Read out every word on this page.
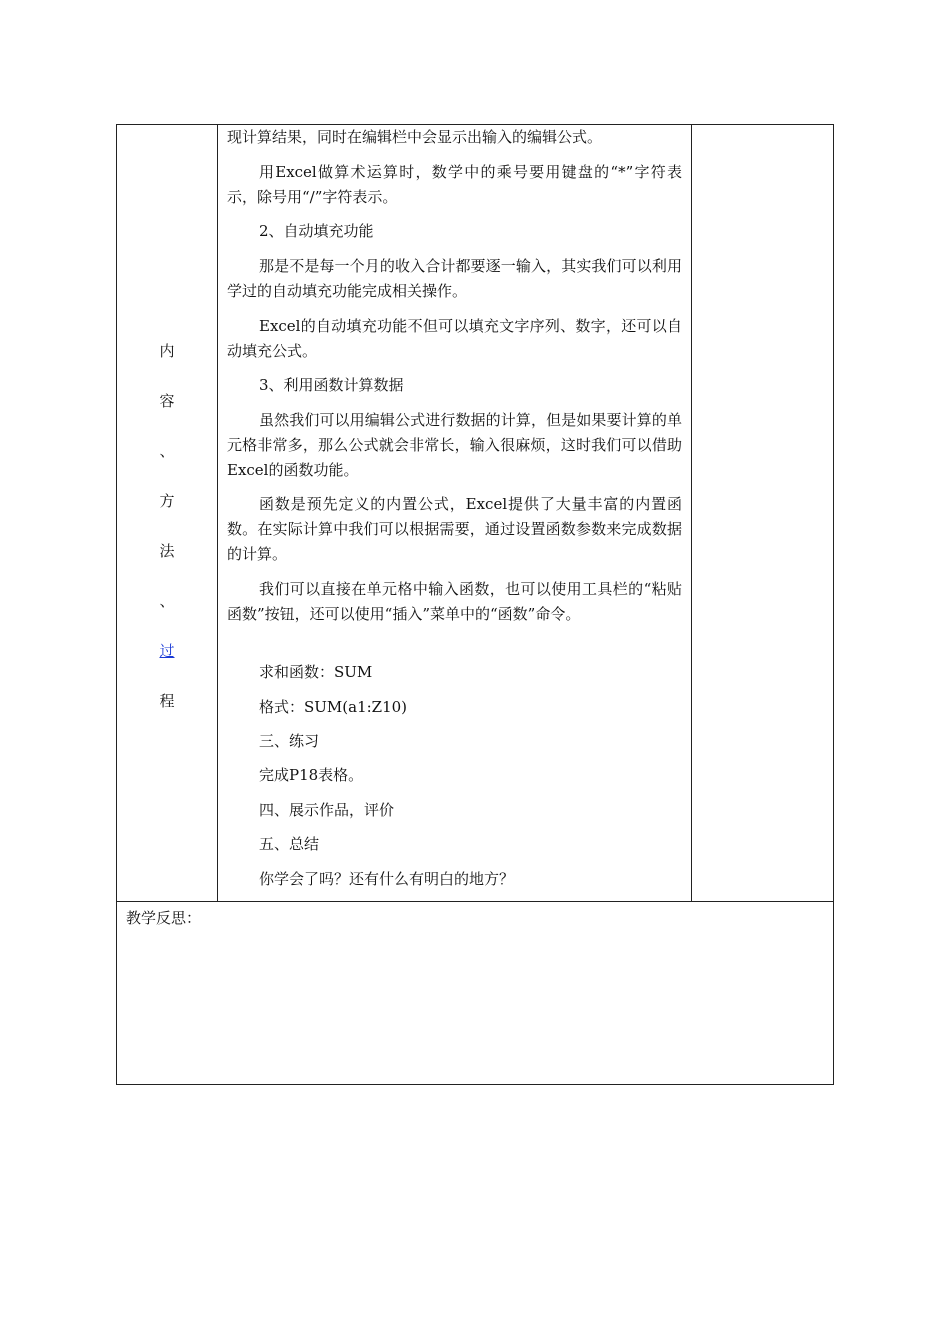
内
容
、
方
法
、
过
程

现计算结果，同时在编辑栏中会显示出输入的编辑公式。

用Excel做算术运算时，数学中的乘号要用键盘的“*”字符表示，除号用“/”字符表示。

2、自动填充功能

那是不是每一个月的收入合计都要逐一输入，其实我们可以利用学过的自动填充功能完成相关操作。

Excel的自动填充功能不但可以填充文字序列、数字，还可以自动填充公式。

3、利用函数计算数据

虽然我们可以用编辑公式进行数据的计算，但是如果要计算的单元格非常多，那么公式就会非常长，输入很麻烦，这时我们可以借助Excel的函数功能。

函数是预先定义的内置公式，Excel提供了大量丰富的内置函数。在实际计算中我们可以根据需要，通过设置函数参数来完成数据的计算。

我们可以直接在单元格中输入函数，也可以使用工具栏的“粘贴函数”按钮，还可以使用“插入”菜单中的“函数”命令。

求和函数：SUM

格式：SUM(a1:Z10)

三、练习

完成P18表格。

四、展示作品，评价

五、总结

你学会了吗？还有什么有明白的地方？

教学反思：
